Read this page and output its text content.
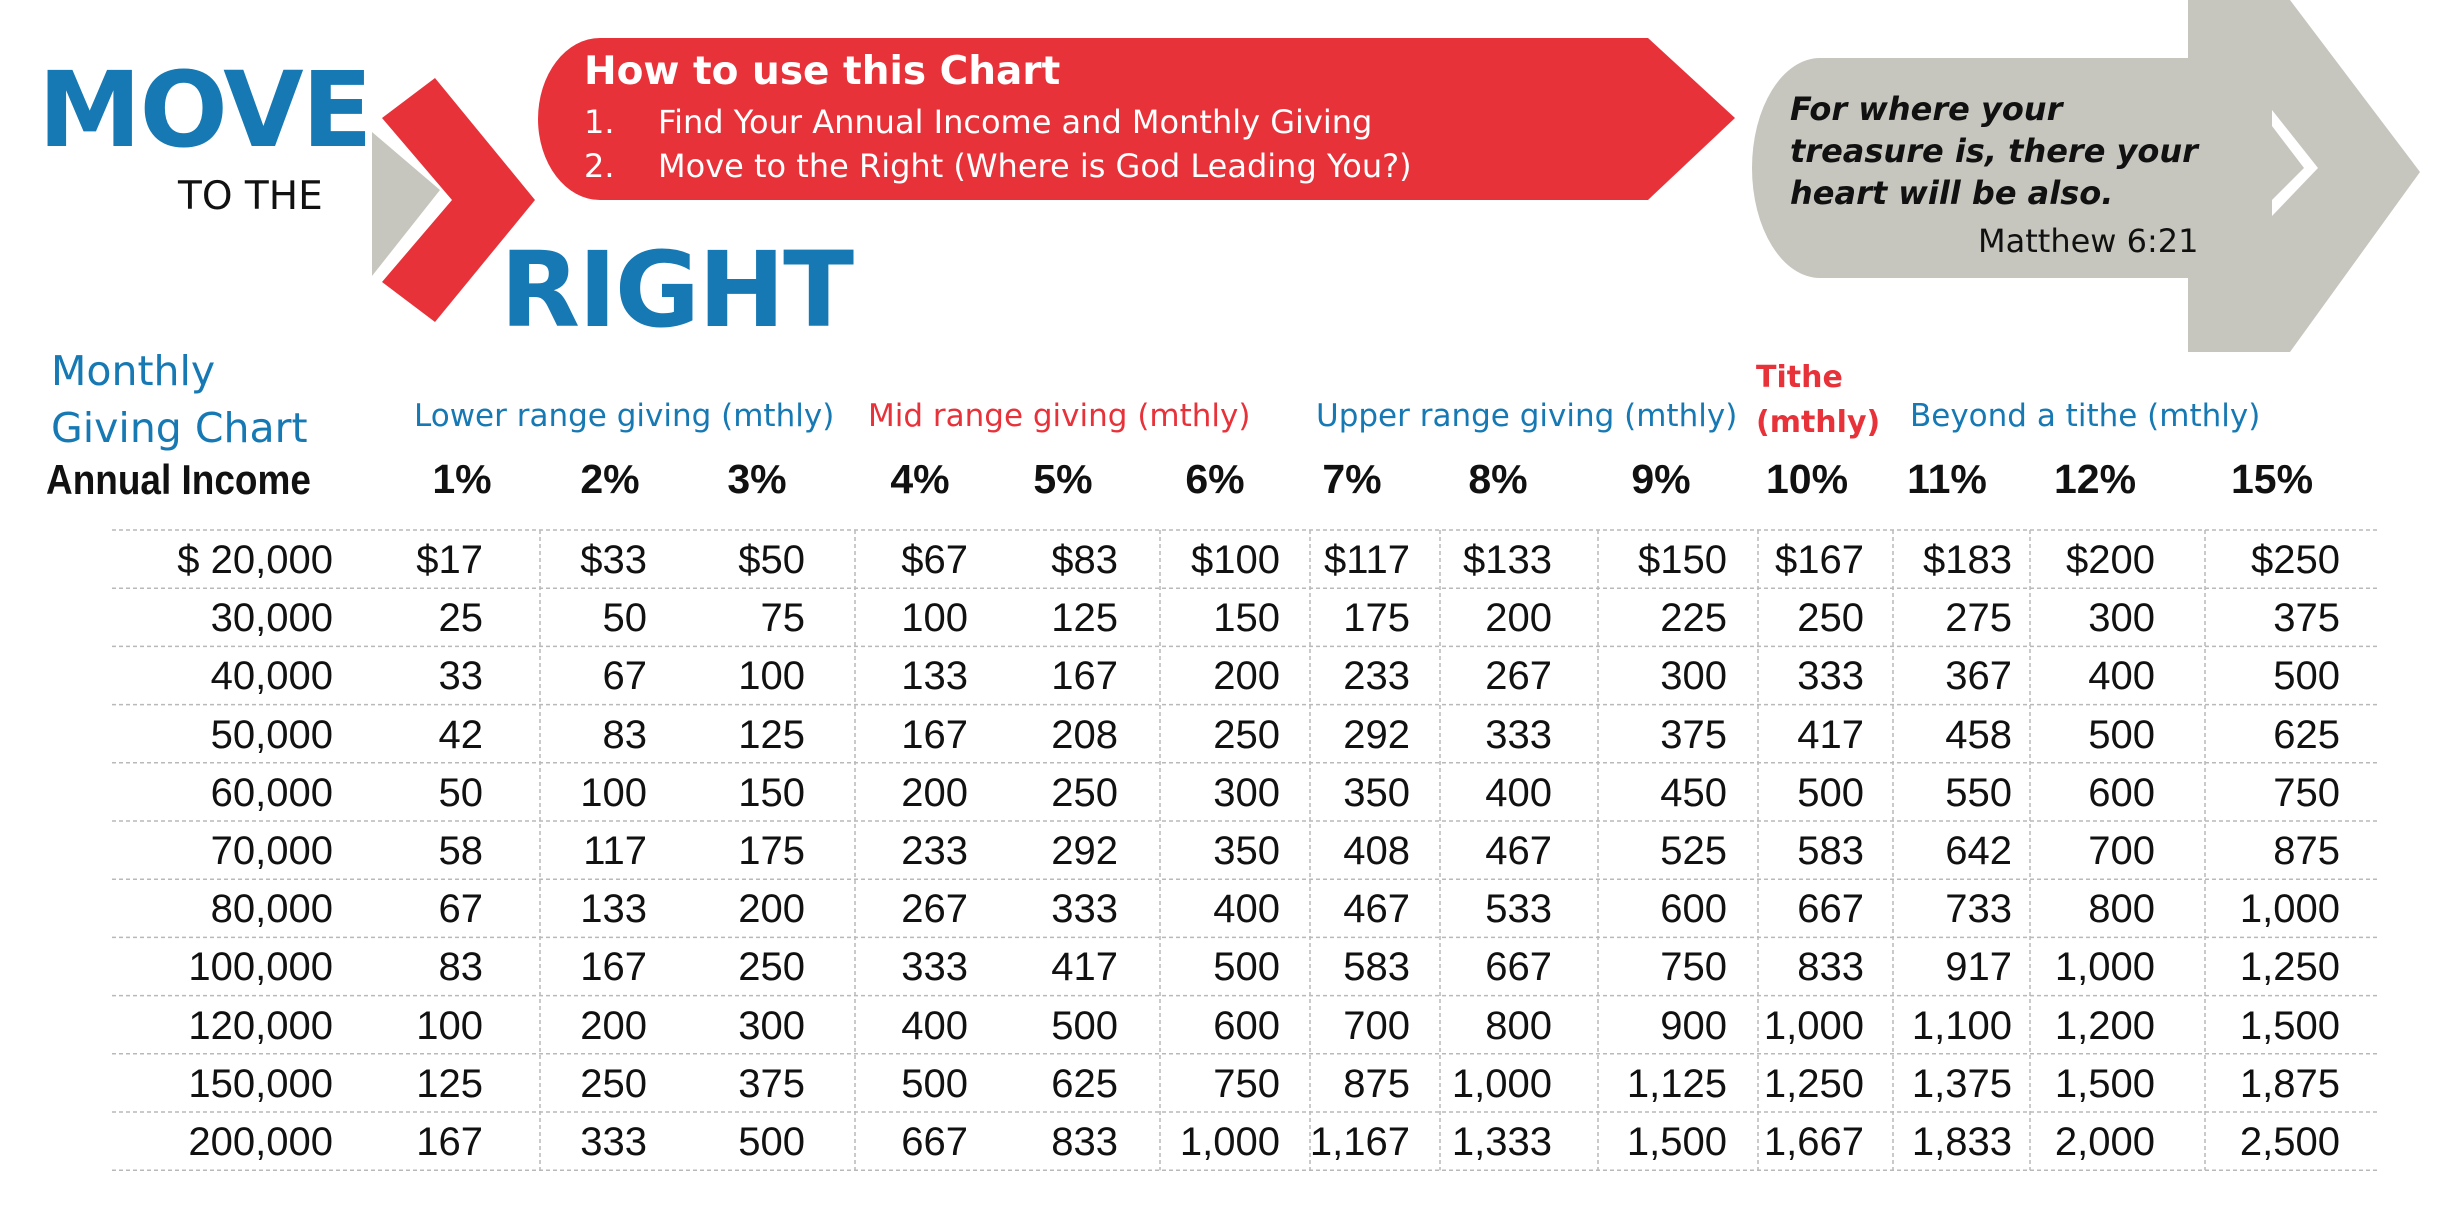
MOVE
TO THE
RIGHT
How to use this Chart
1. Find Your Annual Income and Monthly Giving
2. Move to the Right (Where is God Leading You?)
For where your
treasure is, there your
heart will be also.
Matthew 6:21
Monthly
Giving Chart	Lower range giving (mthly) Mid range giving (mthly) Upper range giving (mthly)
Tithe
(mthly) Beyond a tithe (mthly)
Annual Income	1% 2% 3%	4% 5% 6% 7% 8%	9% 10% 11% 12% 15%
$ 20,000 $17 $33 $50 $67 $83 $100 $117 $133 $150 $167 $183 $200 $250
30,000	25	50	75 100 125 150 175 200	225 250 275 300	375
40,000	33	67 100 133 167 200 233 267	300 333 367 400	500
50,000	42	83 125 167 208 250 292 333	375 417 458 500	625
60,000	50 100 150 200 250 300 350 400	450 500 550 600	750
70,000	58	117 175 233 292 350 408 467	525 583 642 700	875
80,000	67 133 200 267 333 400 467 533	600 667 733 800 1,000
100,000	83 167 250 333 417 500 583 667	750 833 917 1,000 1,250
120,000 100 200 300 400 500 600 700 800	900 1,000 1,100 1,200 1,500
150,000 125 250 375 500 625 750 875 1,000 1,125 1,250 1,375 1,500 1,875
200,000 167 333 500 667 833 1,000 1,167 1,333 1,500 1,667 1,833 2,000 2,500
